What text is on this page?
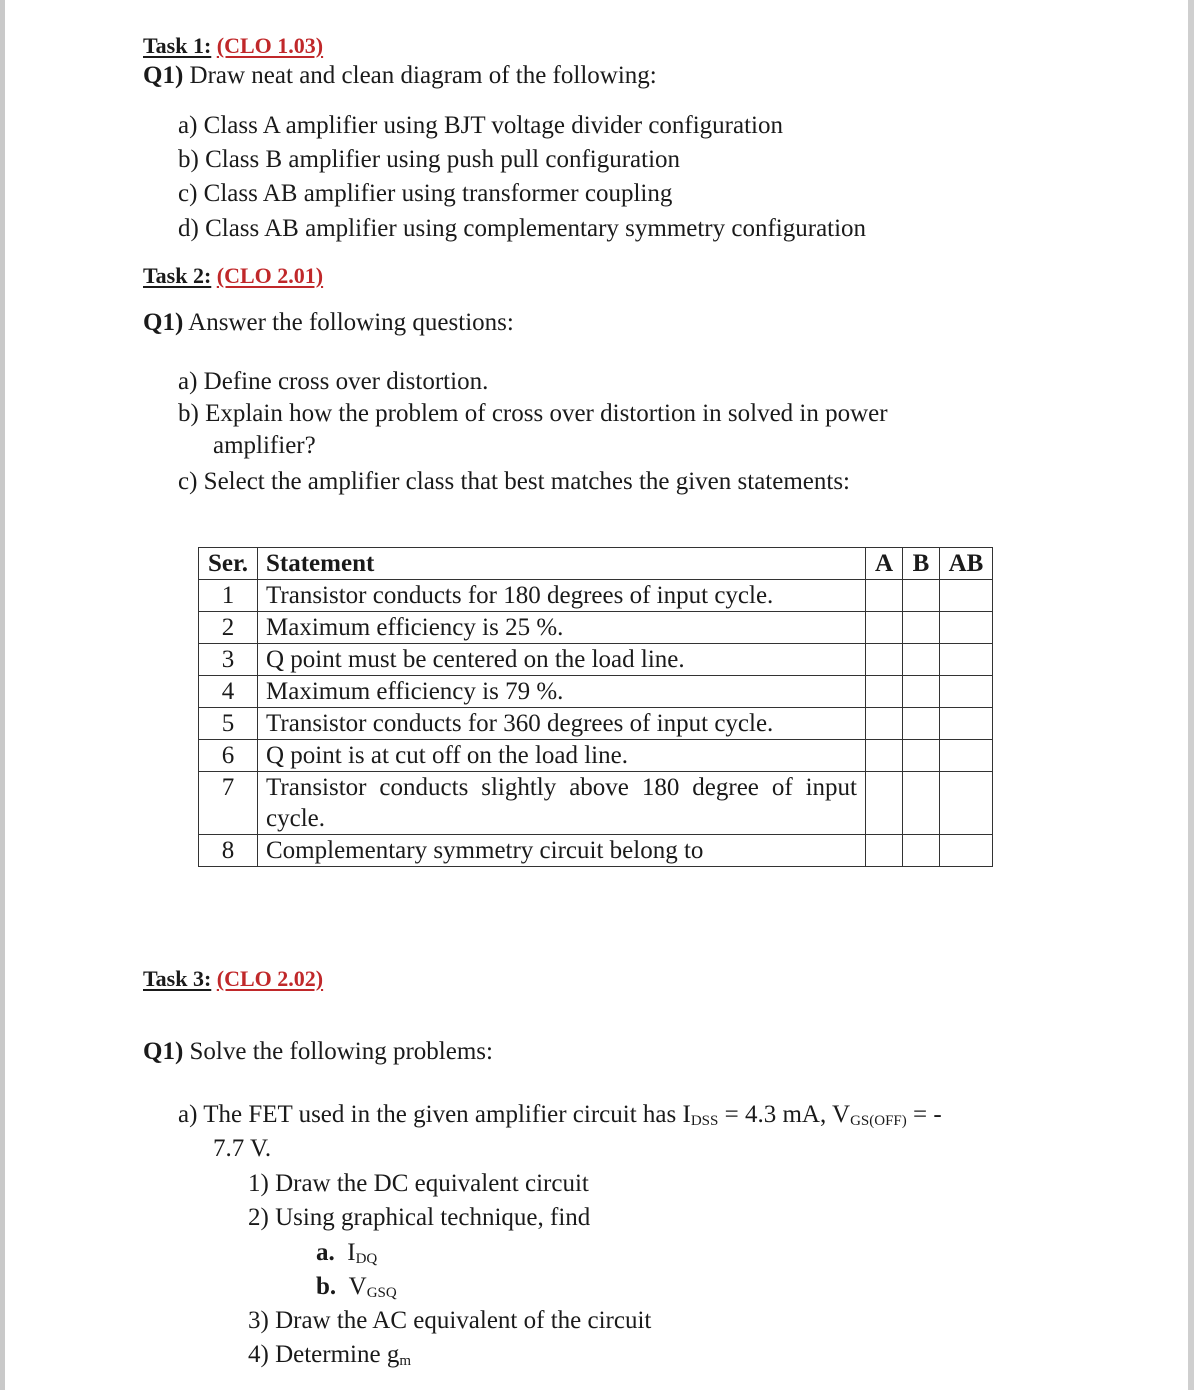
Task 1: (CLO 1.03)
Q1) Draw neat and clean diagram of the following:
a) Class A amplifier using BJT voltage divider configuration
b) Class B amplifier using push pull configuration
c) Class AB amplifier using transformer coupling
d) Class AB amplifier using complementary symmetry configuration
Task 2: (CLO 2.01)
Q1) Answer the following questions:
a) Define cross over distortion.
b) Explain how the problem of cross over distortion in solved in power
amplifier?
c) Select the amplifier class that best matches the given statements:
Ser.	Statement	A	B	AB
1	Transistor conducts for 180 degrees of input cycle.			
2	Maximum efficiency is 25 %.			
3	Q point must be centered on the load line.			
4	Maximum efficiency is 79 %.			
5	Transistor conducts for 360 degrees of input cycle.			
6	Q point is at cut off on the load line.			
7	Transistor conducts slightly above 180 degree of input cycle.			
8	Complementary symmetry circuit belong to			
Task 3: (CLO 2.02)
Q1) Solve the following problems:
a) The FET used in the given amplifier circuit has $I_{DSS} = 4.3$ mA, $V_{GS(OFF)}$ = -
7.7 V.
1) Draw the DC equivalent circuit
2) Using graphical technique, find
a. $I_{DQ}$
b. $V_{GSQ}$
3) Draw the AC equivalent of the circuit
4) Determine $g_m$
